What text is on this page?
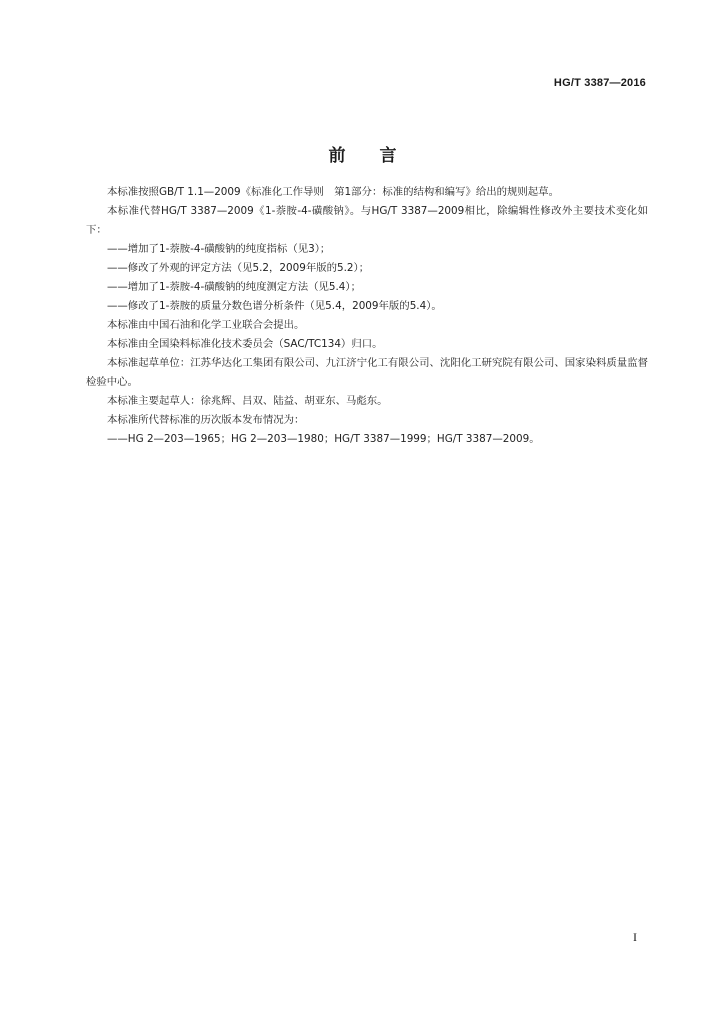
HG/T 3387—2016
前言

本标准按照GB/T 1.1—2009《标准化工作导则　第1部分：标准的结构和编写》给出的规则起草。

本标准代替HG/T 3387—2009《1-萘胺-4-磺酸钠》。与HG/T 3387—2009相比，除编辑性修改外主要技术变化如下：

——增加了1-萘胺-4-磺酸钠的纯度指标（见3）；

——修改了外观的评定方法（见5.2，2009年版的5.2）；

——增加了1-萘胺-4-磺酸钠的纯度测定方法（见5.4）；

——修改了1-萘胺的质量分数色谱分析条件（见5.4，2009年版的5.4）。

本标准由中国石油和化学工业联合会提出。

本标准由全国染料标准化技术委员会（SAC/TC134）归口。

本标准起草单位：江苏华达化工集团有限公司、九江济宁化工有限公司、沈阳化工研究院有限公司、国家染料质量监督检验中心。

本标准主要起草人：徐兆辉、吕双、陆益、胡亚东、马彪东。

本标准所代替标准的历次版本发布情况为：

——HG 2—203—1965；HG 2—203—1980；HG/T 3387—1999；HG/T 3387—2009。

I
